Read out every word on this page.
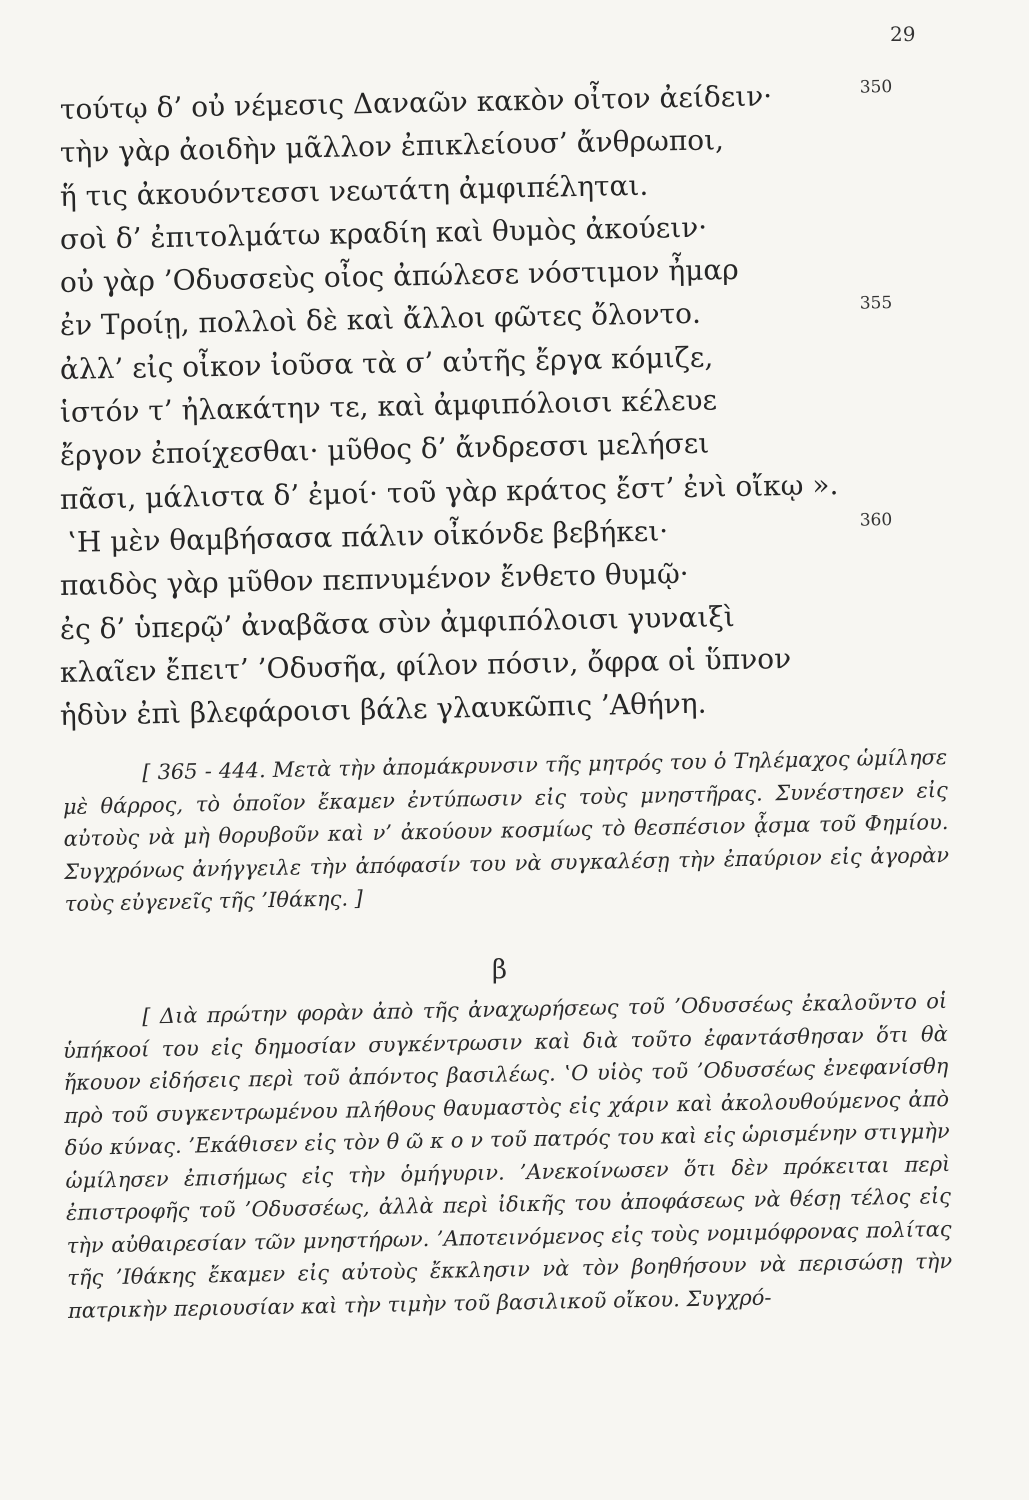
29
τούτῳ δ’ οὐ νέμεσις Δαναῶν κακὸν οἶτον ἀείδειν·	350
τὴν γὰρ ἀοιδὴν μᾶλλον ἐπικλείουσ’ ἄνθρωποι,
ἥ τις ἀκουόντεσσι νεωτάτη ἀμφιπέληται.
σοὶ δ’ ἐπιτολμάτω κραδίη καὶ θυμὸς ἀκούειν·
οὐ γὰρ ’Οδυσσεὺς οἶος ἀπώλεσε νόστιμον ἦμαρ
ἐν Τροίῃ, πολλοὶ δὲ καὶ ἄλλοι φῶτες ὄλοντο.	355
ἀλλ’ εἰς οἶκον ἰοῦσα τὰ σ’ αὐτῆς ἔργα κόμιζε,
ἱστόν τ’ ἠλακάτην τε, καὶ ἀμφιπόλοισι κέλευε
ἔργον ἐποίχεσθαι· μῦθος δ’ ἄνδρεσσι μελήσει
πᾶσι, μάλιστα δ’ ἐμοί· τοῦ γὰρ κράτος ἔστ’ ἐνὶ οἴκῳ ».
‛Η μὲν θαμβήσασα πάλιν οἶκόνδε βεβήκει·	360
παιδὸς γὰρ μῦθον πεπνυμένον ἔνθετο θυμῷ·
ἐς δ’ ὑπερῷ’ ἀναβᾶσα σὺν ἀμφιπόλοισι γυναιξὶ
κλαῖεν ἔπειτ’ ’Οδυσῆα, φίλον πόσιν, ὄφρα οἱ ὕπνον
ἡδὺν ἐπὶ βλεφάροισι βάλε γλαυκῶπις ’Αθήνη.

[ 365 - 444. Μετὰ τὴν ἀπομάκρυνσιν τῆς μητρός του ὁ Τηλέμαχος ὡμίλησε μὲ θάρρος, τὸ ὁποῖον ἔκαμεν ἐντύπωσιν εἰς τοὺς μνηστῆρας. Συνέστησεν εἰς αὐτοὺς νὰ μὴ θορυβοῦν καὶ ν’ ἀκούουν κοσμίως τὸ θεσπέσιον ᾆσμα τοῦ Φημίου. Συγχρόνως ἀνήγγειλε τὴν ἀπόφασίν του νὰ συγκαλέσῃ τὴν ἐπαύριον εἰς ἀγορὰν τοὺς εὐγενεῖς τῆς ’Ιθάκης. ]

β

[ Διὰ πρώτην φορὰν ἀπὸ τῆς ἀναχωρήσεως τοῦ ’Οδυσσέως ἐκαλοῦντο οἱ ὑπήκοοί του εἰς δημοσίαν συγκέντρωσιν καὶ διὰ τοῦτο ἐφαντάσθησαν ὅτι θὰ ἤκουον εἰδήσεις περὶ τοῦ ἀπόντος βασιλέως. ‛Ο υἱὸς τοῦ ’Οδυσσέως ἐνεφανίσθη πρὸ τοῦ συγκεντρωμένου πλήθους θαυμαστὸς εἰς χάριν καὶ ἀκολουθούμενος ἀπὸ δύο κύνας. ’Εκάθισεν εἰς τὸν θ ῶ κ ο ν τοῦ πατρός του καὶ εἰς ὡρισμένην στιγμὴν ὡμίλησεν ἐπισήμως εἰς τὴν ὁμήγυριν. ’Ανεκοίνωσεν ὅτι δὲν πρόκειται περὶ ἐπιστροφῆς τοῦ ’Οδυσσέως, ἀλλὰ περὶ ἰδικῆς του ἀποφάσεως νὰ θέσῃ τέλος εἰς τὴν αὐθαιρεσίαν τῶν μνηστήρων. ’Αποτεινόμενος εἰς τοὺς νομιμόφρονας πολίτας τῆς ’Ιθάκης ἔκαμεν εἰς αὐτοὺς ἔκκλησιν νὰ τὸν βοηθήσουν νὰ περισώσῃ τὴν πατρικὴν περιουσίαν καὶ τὴν τιμὴν τοῦ βασιλικοῦ οἴκου. Συγχρό-
